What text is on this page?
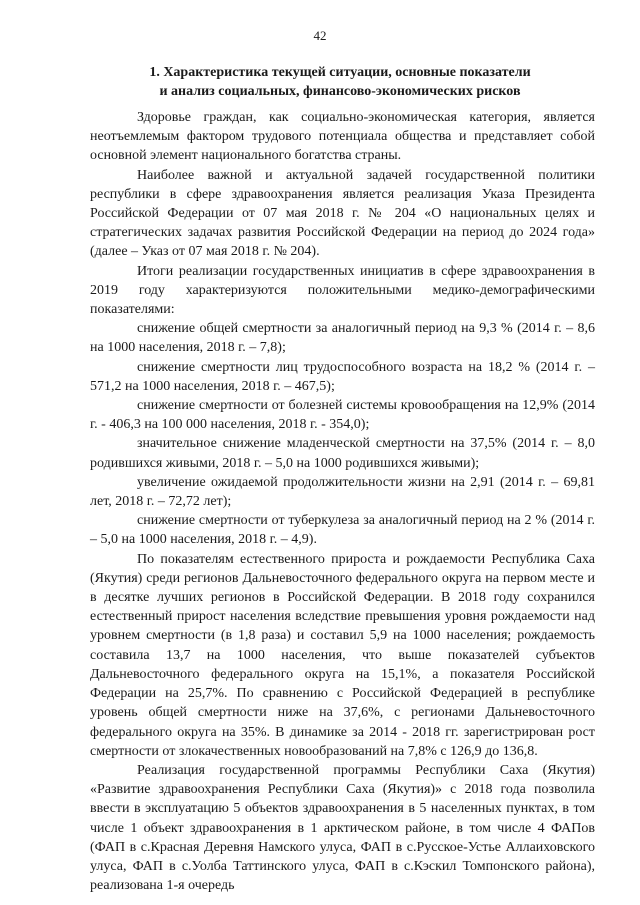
42
1. Характеристика текущей ситуации, основные показатели
и анализ социальных, финансово-экономических рисков

Здоровье граждан, как социально-экономическая категория, является неотъемлемым фактором трудового потенциала общества и представляет собой основной элемент национального богатства страны.

Наиболее важной и актуальной задачей государственной политики республики в сфере здравоохранения является реализация Указа Президента Российской Федерации от 07 мая 2018 г. № 204 «О национальных целях и стратегических задачах развития Российской Федерации на период до 2024 года» (далее – Указ от 07 мая 2018 г. № 204).

Итоги реализации государственных инициатив в сфере здравоохранения в 2019 году характеризуются положительными медико-демографическими показателями:

снижение общей смертности за аналогичный период на 9,3 % (2014 г. – 8,6 на 1000 населения, 2018 г. – 7,8);

снижение смертности лиц трудоспособного возраста на 18,2 % (2014 г. – 571,2 на 1000 населения, 2018 г. – 467,5);

снижение смертности от болезней системы кровообращения на 12,9% (2014 г. - 406,3 на 100 000 населения, 2018 г. - 354,0);

значительное снижение младенческой смертности на 37,5% (2014 г. – 8,0 родившихся живыми, 2018 г. – 5,0 на 1000 родившихся живыми);

увеличение ожидаемой продолжительности жизни на 2,91 (2014 г. – 69,81 лет, 2018 г. – 72,72 лет);

снижение смертности от туберкулеза за аналогичный период на 2 % (2014 г. – 5,0 на 1000 населения, 2018 г. – 4,9).

По показателям естественного прироста и рождаемости Республика Саха (Якутия) среди регионов Дальневосточного федерального округа на первом месте и в десятке лучших регионов в Российской Федерации. В 2018 году сохранился естественный прирост населения вследствие превышения уровня рождаемости над уровнем смертности (в 1,8 раза) и составил 5,9 на 1000 населения; рождаемость составила 13,7 на 1000 населения, что выше показателей субъектов Дальневосточного федерального округа на 15,1%, а показателя Российской Федерации на 25,7%. По сравнению с Российской Федерацией в республике уровень общей смертности ниже на 37,6%, с регионами Дальневосточного федерального округа на 35%. В динамике за 2014 - 2018 гг. зарегистрирован рост смертности от злокачественных новообразований на 7,8% с 126,9 до 136,8.

Реализация государственной программы Республики Саха (Якутия) «Развитие здравоохранения Республики Саха (Якутия)» с 2018 года позволила ввести в эксплуатацию 5 объектов здравоохранения в 5 населенных пунктах, в том числе 1 объект здравоохранения в 1 арктическом районе, в том числе 4 ФАПов (ФАП в с.Красная Деревня Намского улуса, ФАП в с.Русское-Устье Аллаиховского улуса, ФАП в с.Уолба Таттинского улуса, ФАП в с.Кэскил Томпонского района), реализована 1-я очередь
